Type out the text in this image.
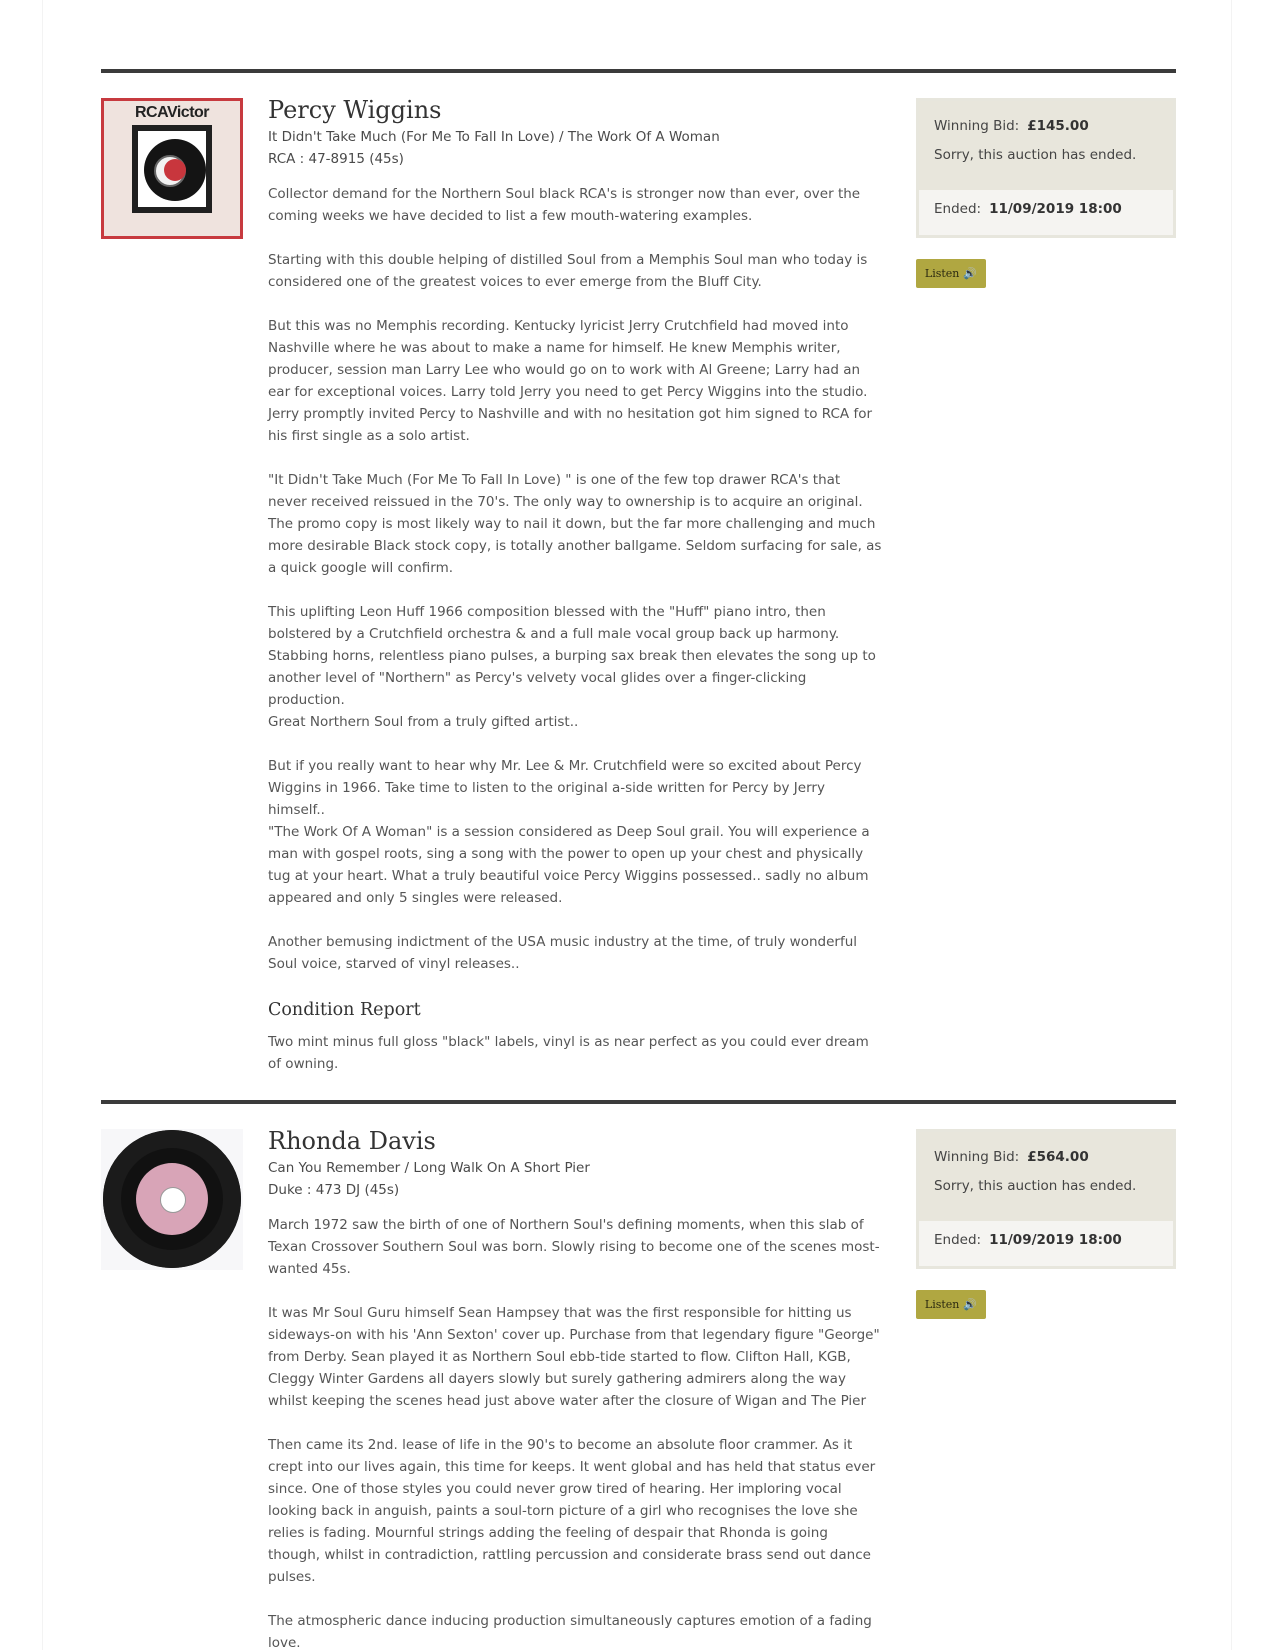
RCAVictor	Percy Wiggins
It Didn't Take Much (For Me To Fall In Love) / The Work Of A Woman
RCA : 47-8915 (45s)

Collector demand for the Northern Soul black RCA's is stronger now than ever, over the coming weeks we have decided to list a few mouth-watering examples.

Starting with this double helping of distilled Soul from a Memphis Soul man who today is considered one of the greatest voices to ever emerge from the Bluff City.

But this was no Memphis recording. Kentucky lyricist Jerry Crutchfield had moved into Nashville where he was about to make a name for himself. He knew Memphis writer, producer, session man Larry Lee who would go on to work with Al Greene; Larry had an ear for exceptional voices. Larry told Jerry you need to get Percy Wiggins into the studio. Jerry promptly invited Percy to Nashville and with no hesitation got him signed to RCA for his first single as a solo artist.

"It Didn't Take Much (For Me To Fall In Love) " is one of the few top drawer RCA's that never received reissued in the 70's. The only way to ownership is to acquire an original. The promo copy is most likely way to nail it down, but the far more challenging and much more desirable Black stock copy, is totally another ballgame. Seldom surfacing for sale, as a quick google will confirm.

This uplifting Leon Huff 1966 composition blessed with the "Huff" piano intro, then bolstered by a Crutchfield orchestra & and a full male vocal group back up harmony.
Stabbing horns, relentless piano pulses, a burping sax break then elevates the song up to another level of "Northern" as Percy's velvety vocal glides over a finger-clicking production.
Great Northern Soul from a truly gifted artist..

But if you really want to hear why Mr. Lee & Mr. Crutchfield were so excited about Percy Wiggins in 1966. Take time to listen to the original a-side written for Percy by Jerry himself..
"The Work Of A Woman" is a session considered as Deep Soul grail. You will experience a man with gospel roots, sing a song with the power to open up your chest and physically tug at your heart. What a truly beautiful voice Percy Wiggins possessed.. sadly no album appeared and only 5 singles were released.

Another bemusing indictment of the USA music industry at the time, of truly wonderful Soul voice, starved of vinyl releases..

Condition Report

Two mint minus full gloss "black" labels, vinyl is as near perfect as you could ever dream of owning.

Winning Bid: £145.00
Sorry, this auction has ended.
Ended: 11/09/2019 18:00
Listen 🔊
Rhonda Davis
Can You Remember / Long Walk On A Short Pier
Duke : 473 DJ (45s)

March 1972 saw the birth of one of Northern Soul's defining moments, when this slab of Texan Crossover Southern Soul was born. Slowly rising to become one of the scenes most-wanted 45s.

It was Mr Soul Guru himself Sean Hampsey that was the first responsible for hitting us sideways-on with his 'Ann Sexton' cover up. Purchase from that legendary figure "George" from Derby. Sean played it as Northern Soul ebb-tide started to flow. Clifton Hall, KGB, Cleggy Winter Gardens all dayers slowly but surely gathering admirers along the way whilst keeping the scenes head just above water after the closure of Wigan and The Pier

Then came its 2nd. lease of life in the 90's to become an absolute floor crammer. As it crept into our lives again, this time for keeps. It went global and has held that status ever since. One of those styles you could never grow tired of hearing. Her imploring vocal looking back in anguish, paints a soul-torn picture of a girl who recognises the love she relies is fading. Mournful strings adding the feeling of despair that Rhonda is going though, whilst in contradiction, rattling percussion and considerate brass send out dance pulses.

The atmospheric dance inducing production simultaneously captures emotion of a fading love.

Winning Bid: £564.00
Sorry, this auction has ended.
Ended: 11/09/2019 18:00
Listen 🔊
